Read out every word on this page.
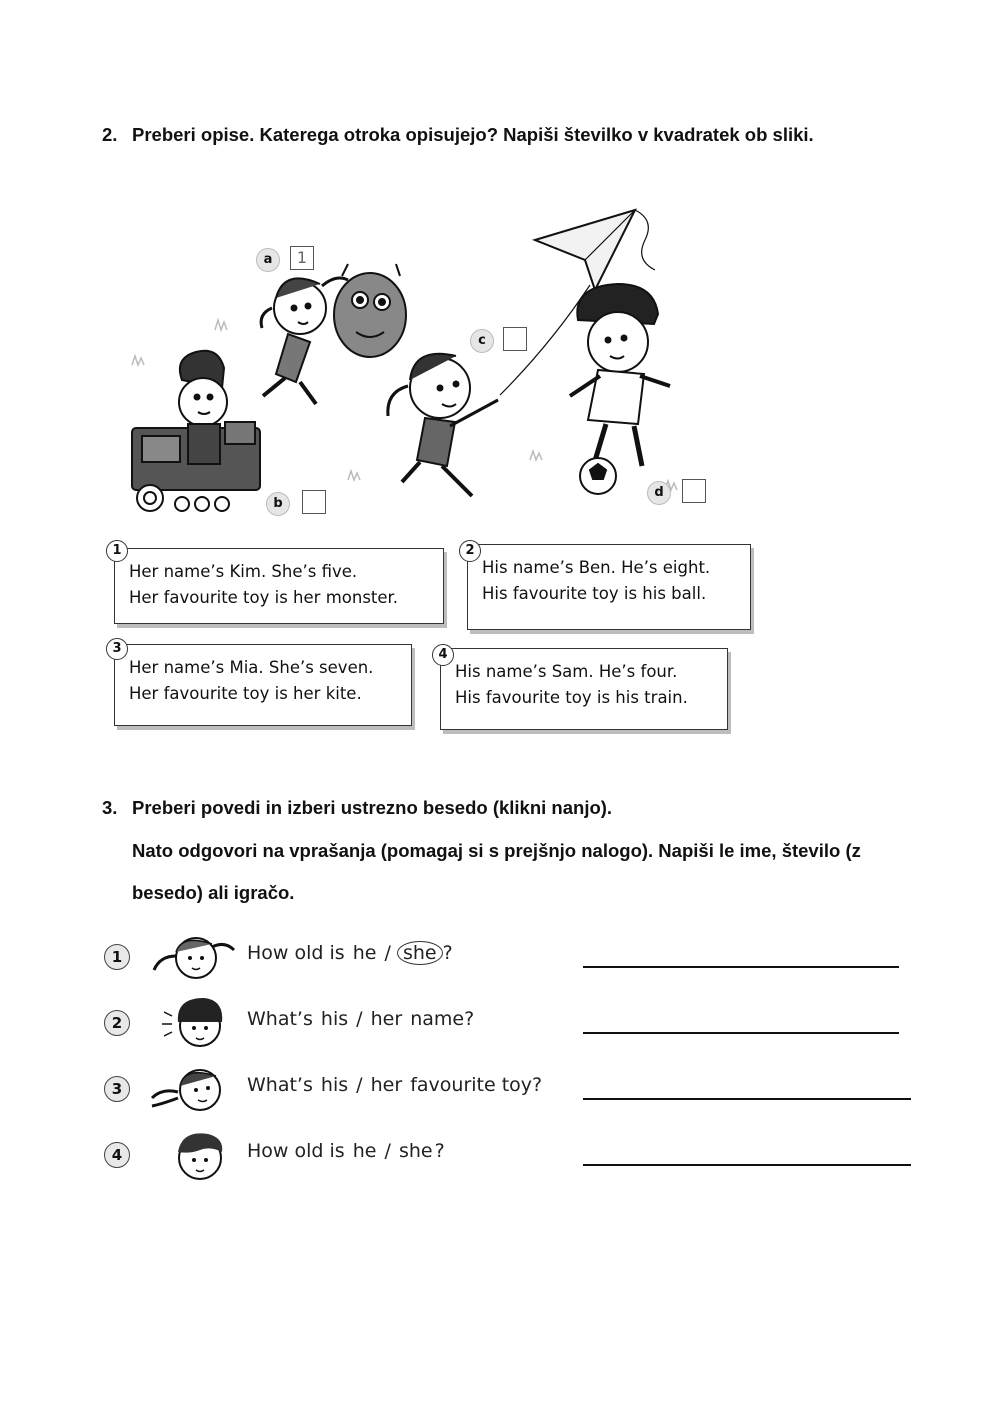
2. Preberi opise. Katerega otroka opisujejo? Napiši številko v kvadratek ob sliki.
a	1
b
c
d
Her name’s Kim. She’s five.
Her favourite toy is her monster.
1
His name’s Ben. He’s eight.
His favourite toy is his ball.
2
Her name’s Mia. She’s seven.
Her favourite toy is her kite.
3
His name’s Sam. He’s four.
His favourite toy is his train.
4
3. Preberi povedi in izberi ustrezno besedo (klikni nanjo).
Nato odgovori na vprašanja (pomagaj si s prejšnjo nalogo). Napiši le ime, število (z
besedo) ali igračo.
1	How old is he / she ?
2	What’s his / her name?
3	What’s his / her favourite toy?
4	How old is he / she ?
